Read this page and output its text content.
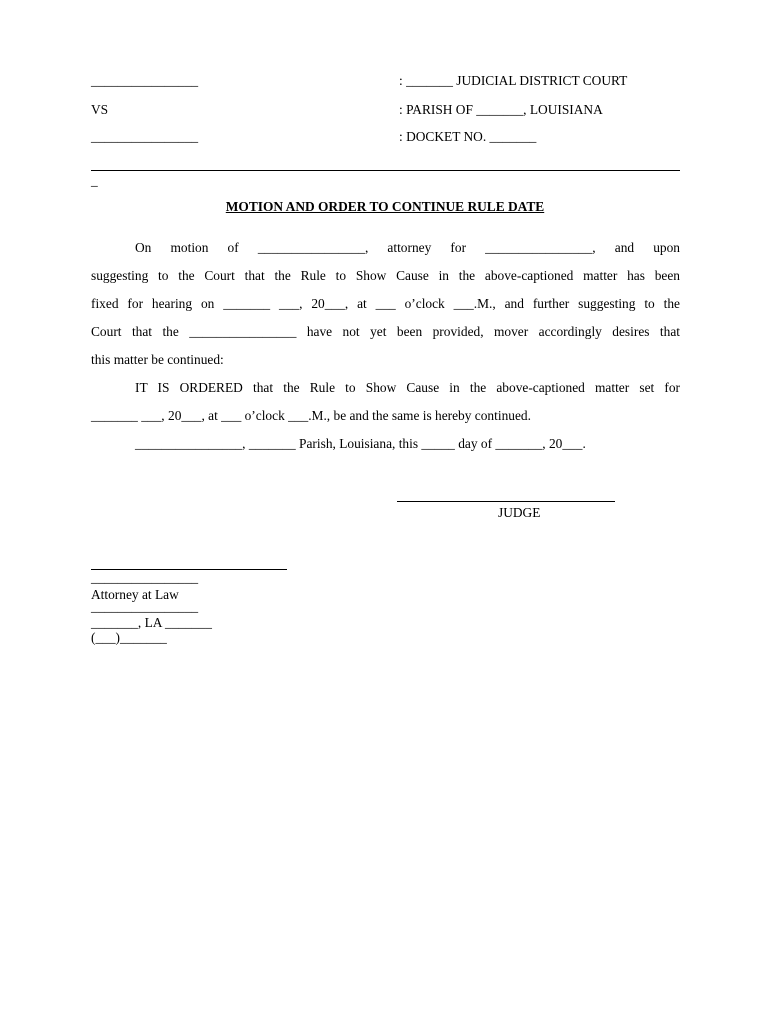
________________
VS
________________
: _______ JUDICIAL DISTRICT COURT
: PARISH OF _______, LOUISIANA
: DOCKET NO. _______
_
MOTION AND ORDER TO CONTINUE RULE DATE
On motion of ________________, attorney for ________________, and upon
suggesting to the Court that the Rule to Show Cause in the above-captioned matter has been
fixed for hearing on _______ ___, 20___, at ___ o’clock ___.M., and further suggesting to the
Court that the ________________ have not yet been provided, mover accordingly desires that
this matter be continued:
IT IS ORDERED that the Rule to Show Cause in the above-captioned matter set for
_______ ___, 20___, at ___ o’clock ___.M., be and the same is hereby continued.
________________, _______ Parish, Louisiana, this _____ day of _______, 20___.
JUDGE
________________
Attorney at Law
________________
_______, LA _______
(___)_______
